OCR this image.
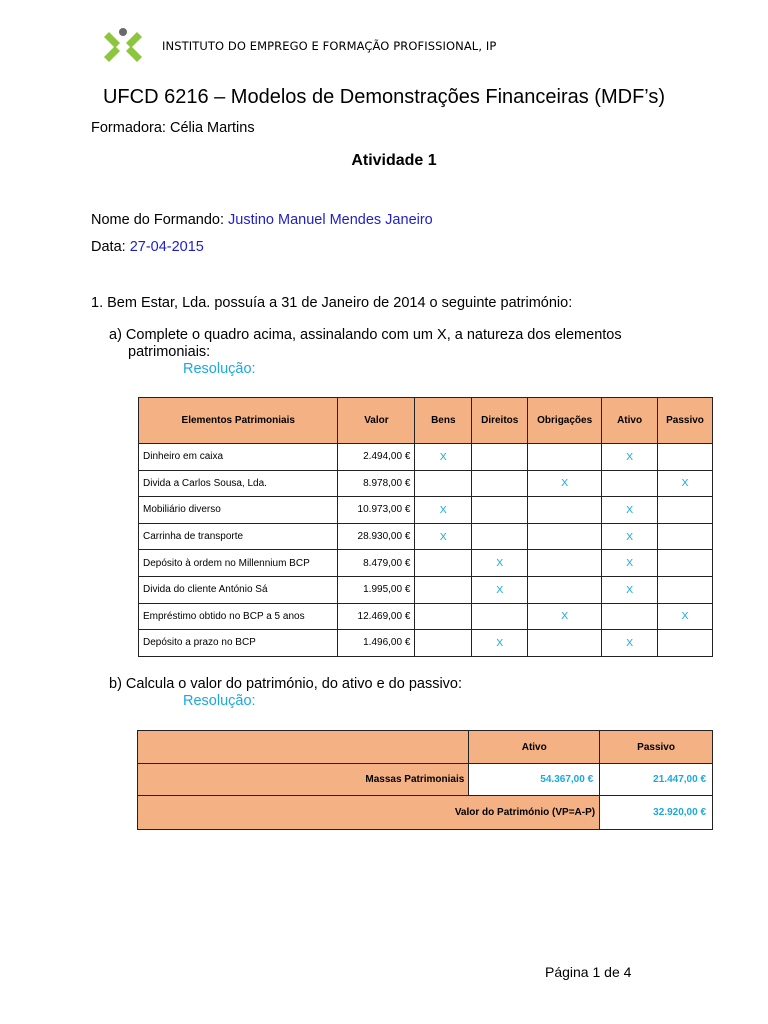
INSTITUTO DO EMPREGO E FORMAÇÃO PROFISSIONAL, IP
UFCD 6216 – Modelos de Demonstrações Financeiras (MDF’s)
Formadora: Célia Martins
Atividade 1
Nome do Formando: Justino Manuel Mendes Janeiro
Data: 27-04-2015
1. Bem Estar, Lda. possuía a 31 de Janeiro de 2014 o seguinte património:
a) Complete o quadro acima, assinalando com um X, a natureza dos elementos
patrimoniais:
Resolução:
Elementos Patrimoniais	Valor	Bens	Direitos	Obrigações	Ativo	Passivo
Dinheiro em caixa	2.494,00 €	X			X	
Divida a Carlos Sousa, Lda.	8.978,00 €			X		X
Mobiliário diverso	10.973,00 €	X			X	
Carrinha de transporte	28.930,00 €	X			X	
Depósito à ordem no Millennium BCP	8.479,00 €		X		X	
Divida do cliente António Sá	1.995,00 €		X		X	
Empréstimo obtido no BCP a 5 anos	12.469,00 €			X		X
Depósito a prazo no BCP	1.496,00 €		X		X	
b) Calcula o valor do património, do ativo e do passivo:
Resolução:
	Ativo	Passivo
Massas Patrimoniais	54.367,00 €	21.447,00 €
Valor do Património (VP=A-P)		32.920,00 €
Página 1 de 4
